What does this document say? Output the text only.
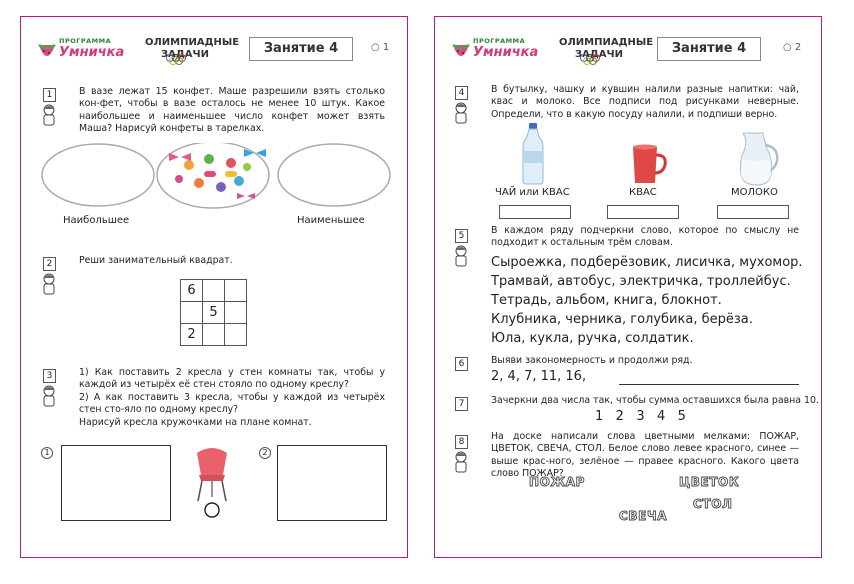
ПРОГРАММА
Умничка
ОЛИМПИАДНЫЕ
ЗАДАЧИ	Занятие 4	○ 1
1	В вазе лежат 15 конфет. Маше разрешили взять столько кон-фет, чтобы в вазе осталось не менее 10 штук. Какое наибольшее и наименьшее число конфет может взять Маша? Нарисуй конфеты в тарелках.
Наибольшее	Наименьшее
2	Реши занимательный квадрат.
6		
	5	
2		
3	1) Как поставить 2 кресла у стен комнаты так, чтобы у каждой из четырёх её стен стояло по одному креслу?
2) А как поставить 3 кресла, чтобы у каждой из четырёх стен сто-яло по одному креслу?
Нарисуй кресла кружочками на плане комнат.
1	2
ПРОГРАММА
Умничка
ОЛИМПИАДНЫЕ
ЗАДАЧИ	Занятие 4	○ 2
4	В бутылку, чашку и кувшин налили разные напитки: чай, квас и молоко. Все подписи под рисунками неверные. Определи, что в какую посуду налили, и подпиши верно.
ЧАЙ или КВАС	КВАС	МОЛОКО
5	В каждом ряду подчеркни слово, которое по смыслу не подходит к остальным трём словам.
Сыроежка, подберёзовик, лисичка, мухомор.
Трамвай, автобус, электричка, троллейбус.
Тетрадь, альбом, книга, блокнот.
Клубника, черника, голубика, берёза.
Юла, кукла, ручка, солдатик.
6	Выяви закономерность и продолжи ряд.
2, 4, 7, 11, 16,
7	Зачеркни два числа так, чтобы сумма оставшихся была равна 10.
1   2   3   4   5
8	На доске написали слова цветными мелками: ПОЖАР, ЦВЕТОК, СВЕЧА, СТОЛ. Белое слово левее красного, синее — выше крас-ного, зелёное — правее красного. Какого цвета слово ПОЖАР?
ПОЖАР	ЦВЕТОК
СТОЛ
СВЕЧА
